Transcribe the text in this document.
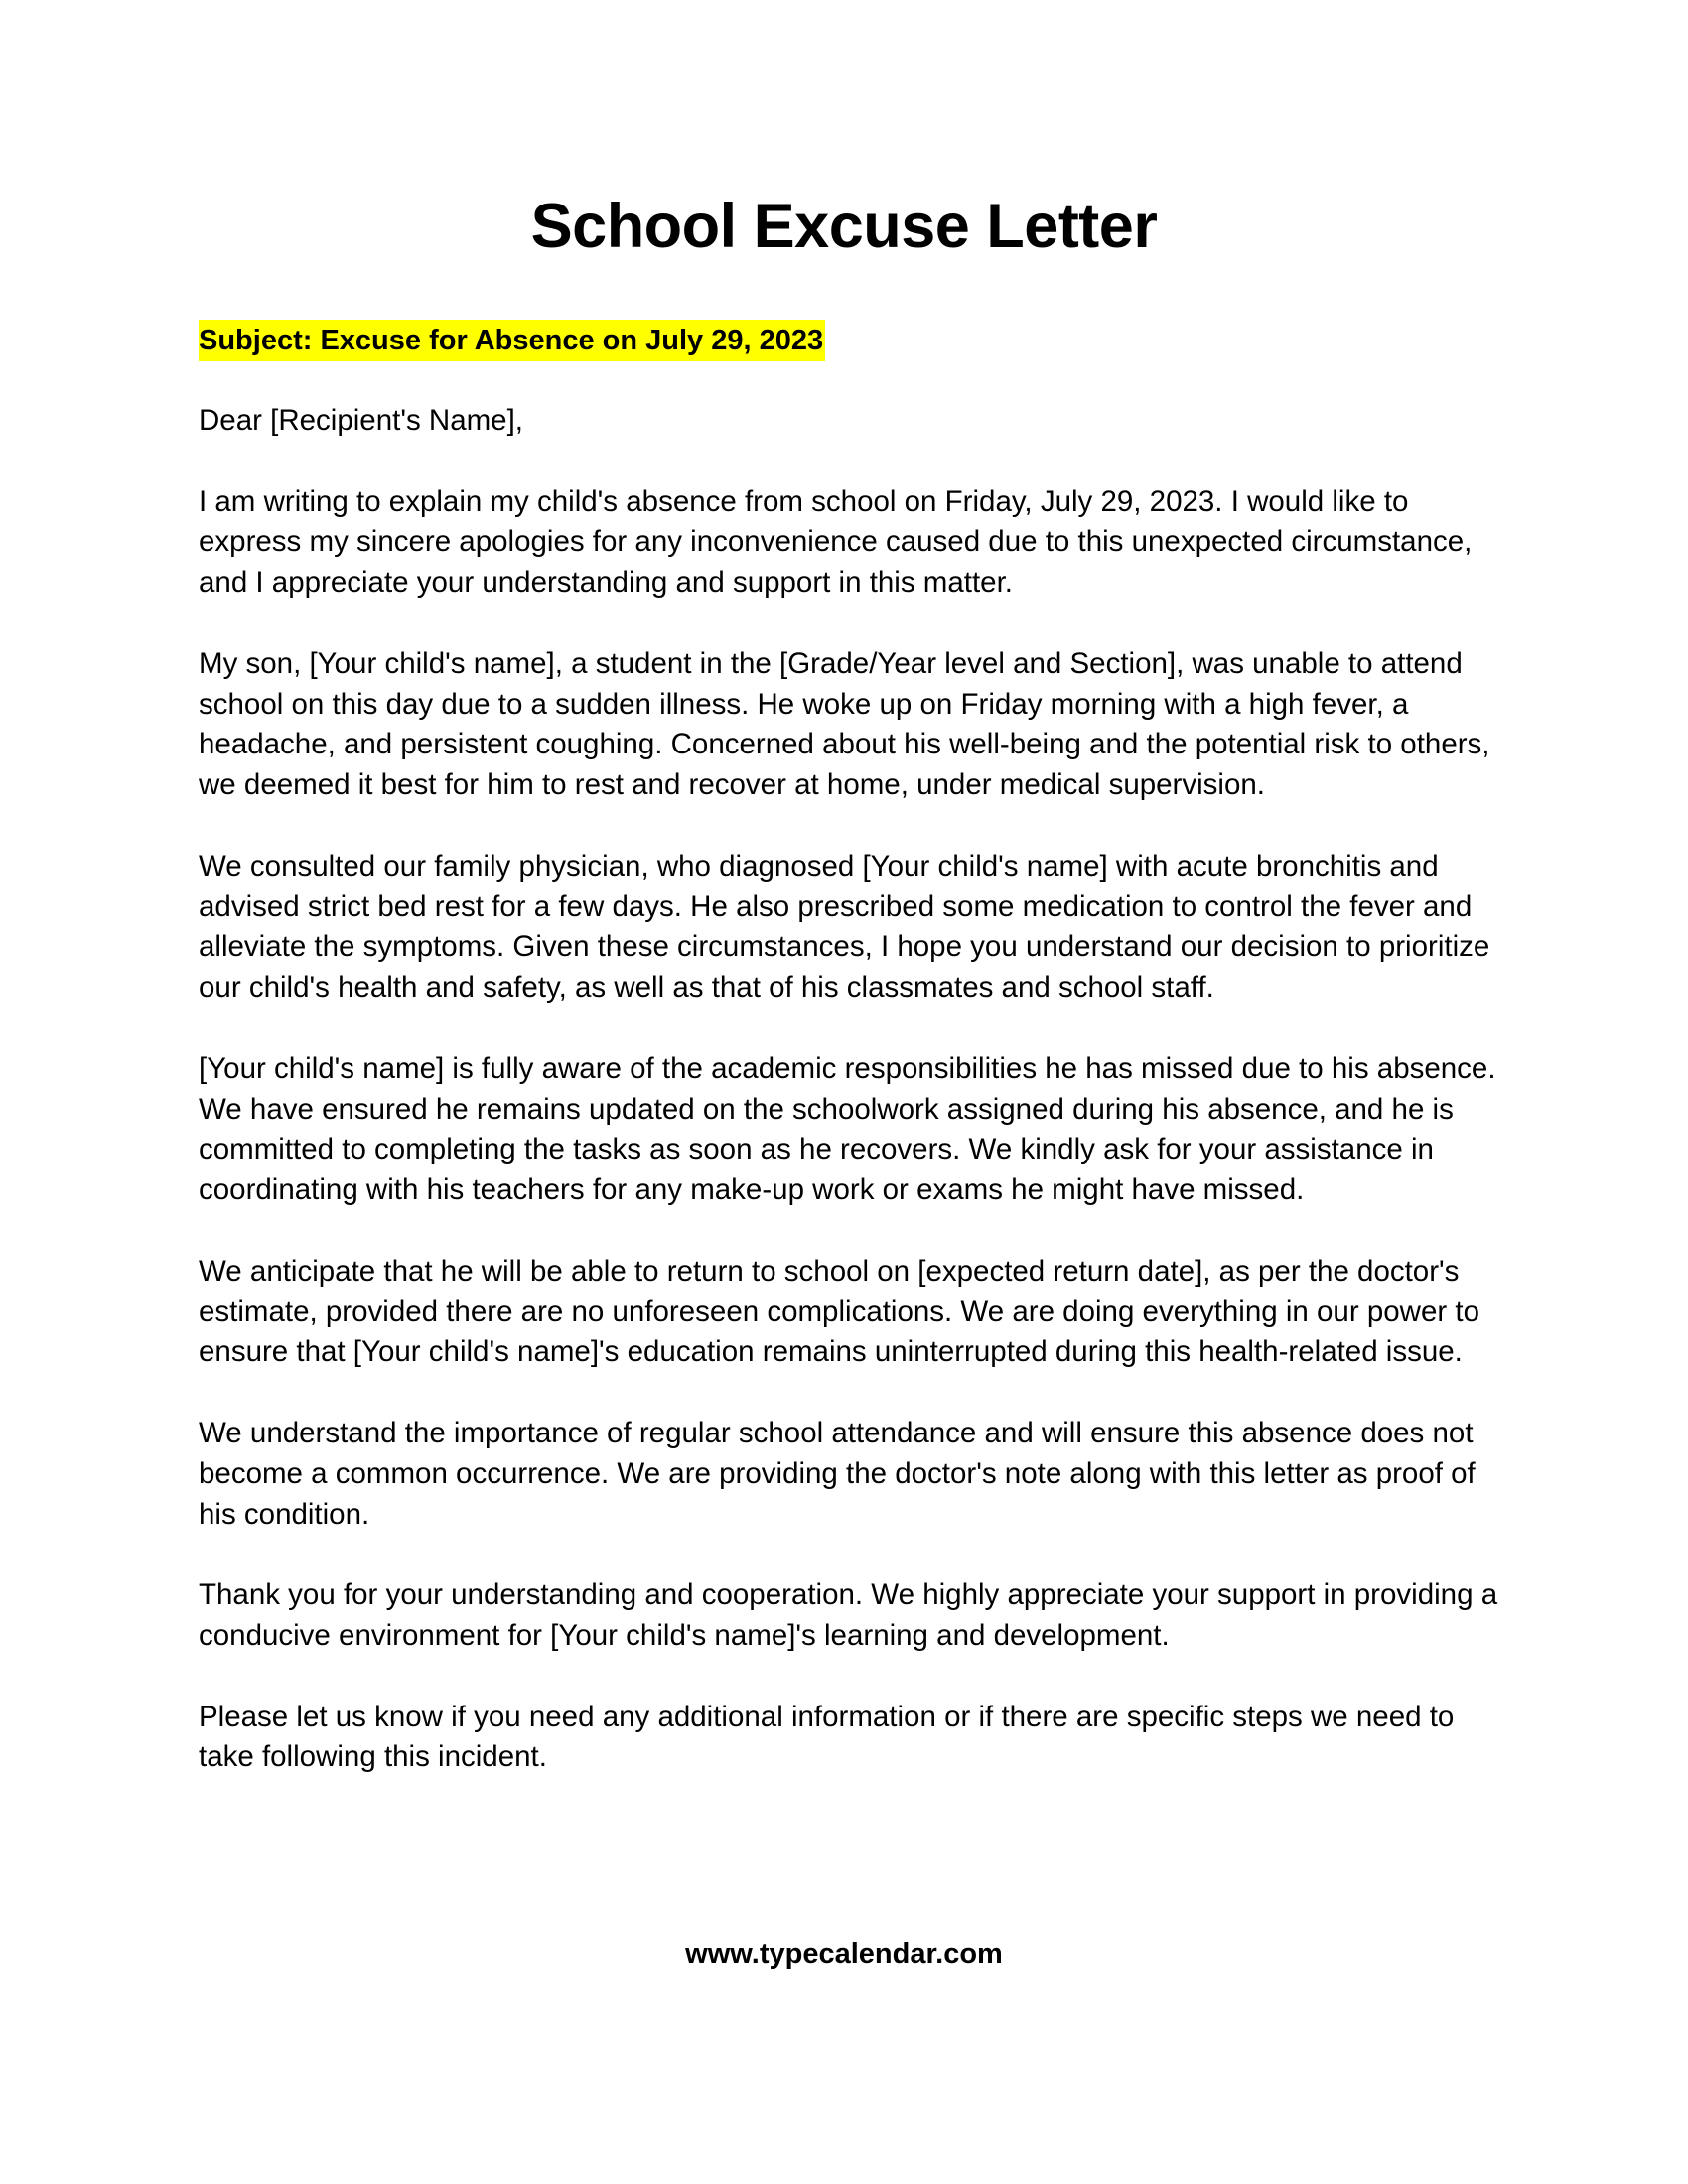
School Excuse Letter
Subject: Excuse for Absence on July 29, 2023

Dear [Recipient's Name],

I am writing to explain my child's absence from school on Friday, July 29, 2023. I would like to express my sincere apologies for any inconvenience caused due to this unexpected circumstance, and I appreciate your understanding and support in this matter.

My son, [Your child's name], a student in the [Grade/Year level and Section], was unable to attend school on this day due to a sudden illness. He woke up on Friday morning with a high fever, a headache, and persistent coughing. Concerned about his well-being and the potential risk to others, we deemed it best for him to rest and recover at home, under medical supervision.

We consulted our family physician, who diagnosed [Your child's name] with acute bronchitis and advised strict bed rest for a few days. He also prescribed some medication to control the fever and alleviate the symptoms. Given these circumstances, I hope you understand our decision to prioritize our child's health and safety, as well as that of his classmates and school staff.

[Your child's name] is fully aware of the academic responsibilities he has missed due to his absence. We have ensured he remains updated on the schoolwork assigned during his absence, and he is committed to completing the tasks as soon as he recovers. We kindly ask for your assistance in coordinating with his teachers for any make-up work or exams he might have missed.

We anticipate that he will be able to return to school on [expected return date], as per the doctor's estimate, provided there are no unforeseen complications. We are doing everything in our power to ensure that [Your child's name]'s education remains uninterrupted during this health-related issue.

We understand the importance of regular school attendance and will ensure this absence does not become a common occurrence. We are providing the doctor's note along with this letter as proof of his condition.

Thank you for your understanding and cooperation. We highly appreciate your support in providing a conducive environment for [Your child's name]'s learning and development.

Please let us know if you need any additional information or if there are specific steps we need to take following this incident.

www.typecalendar.com
